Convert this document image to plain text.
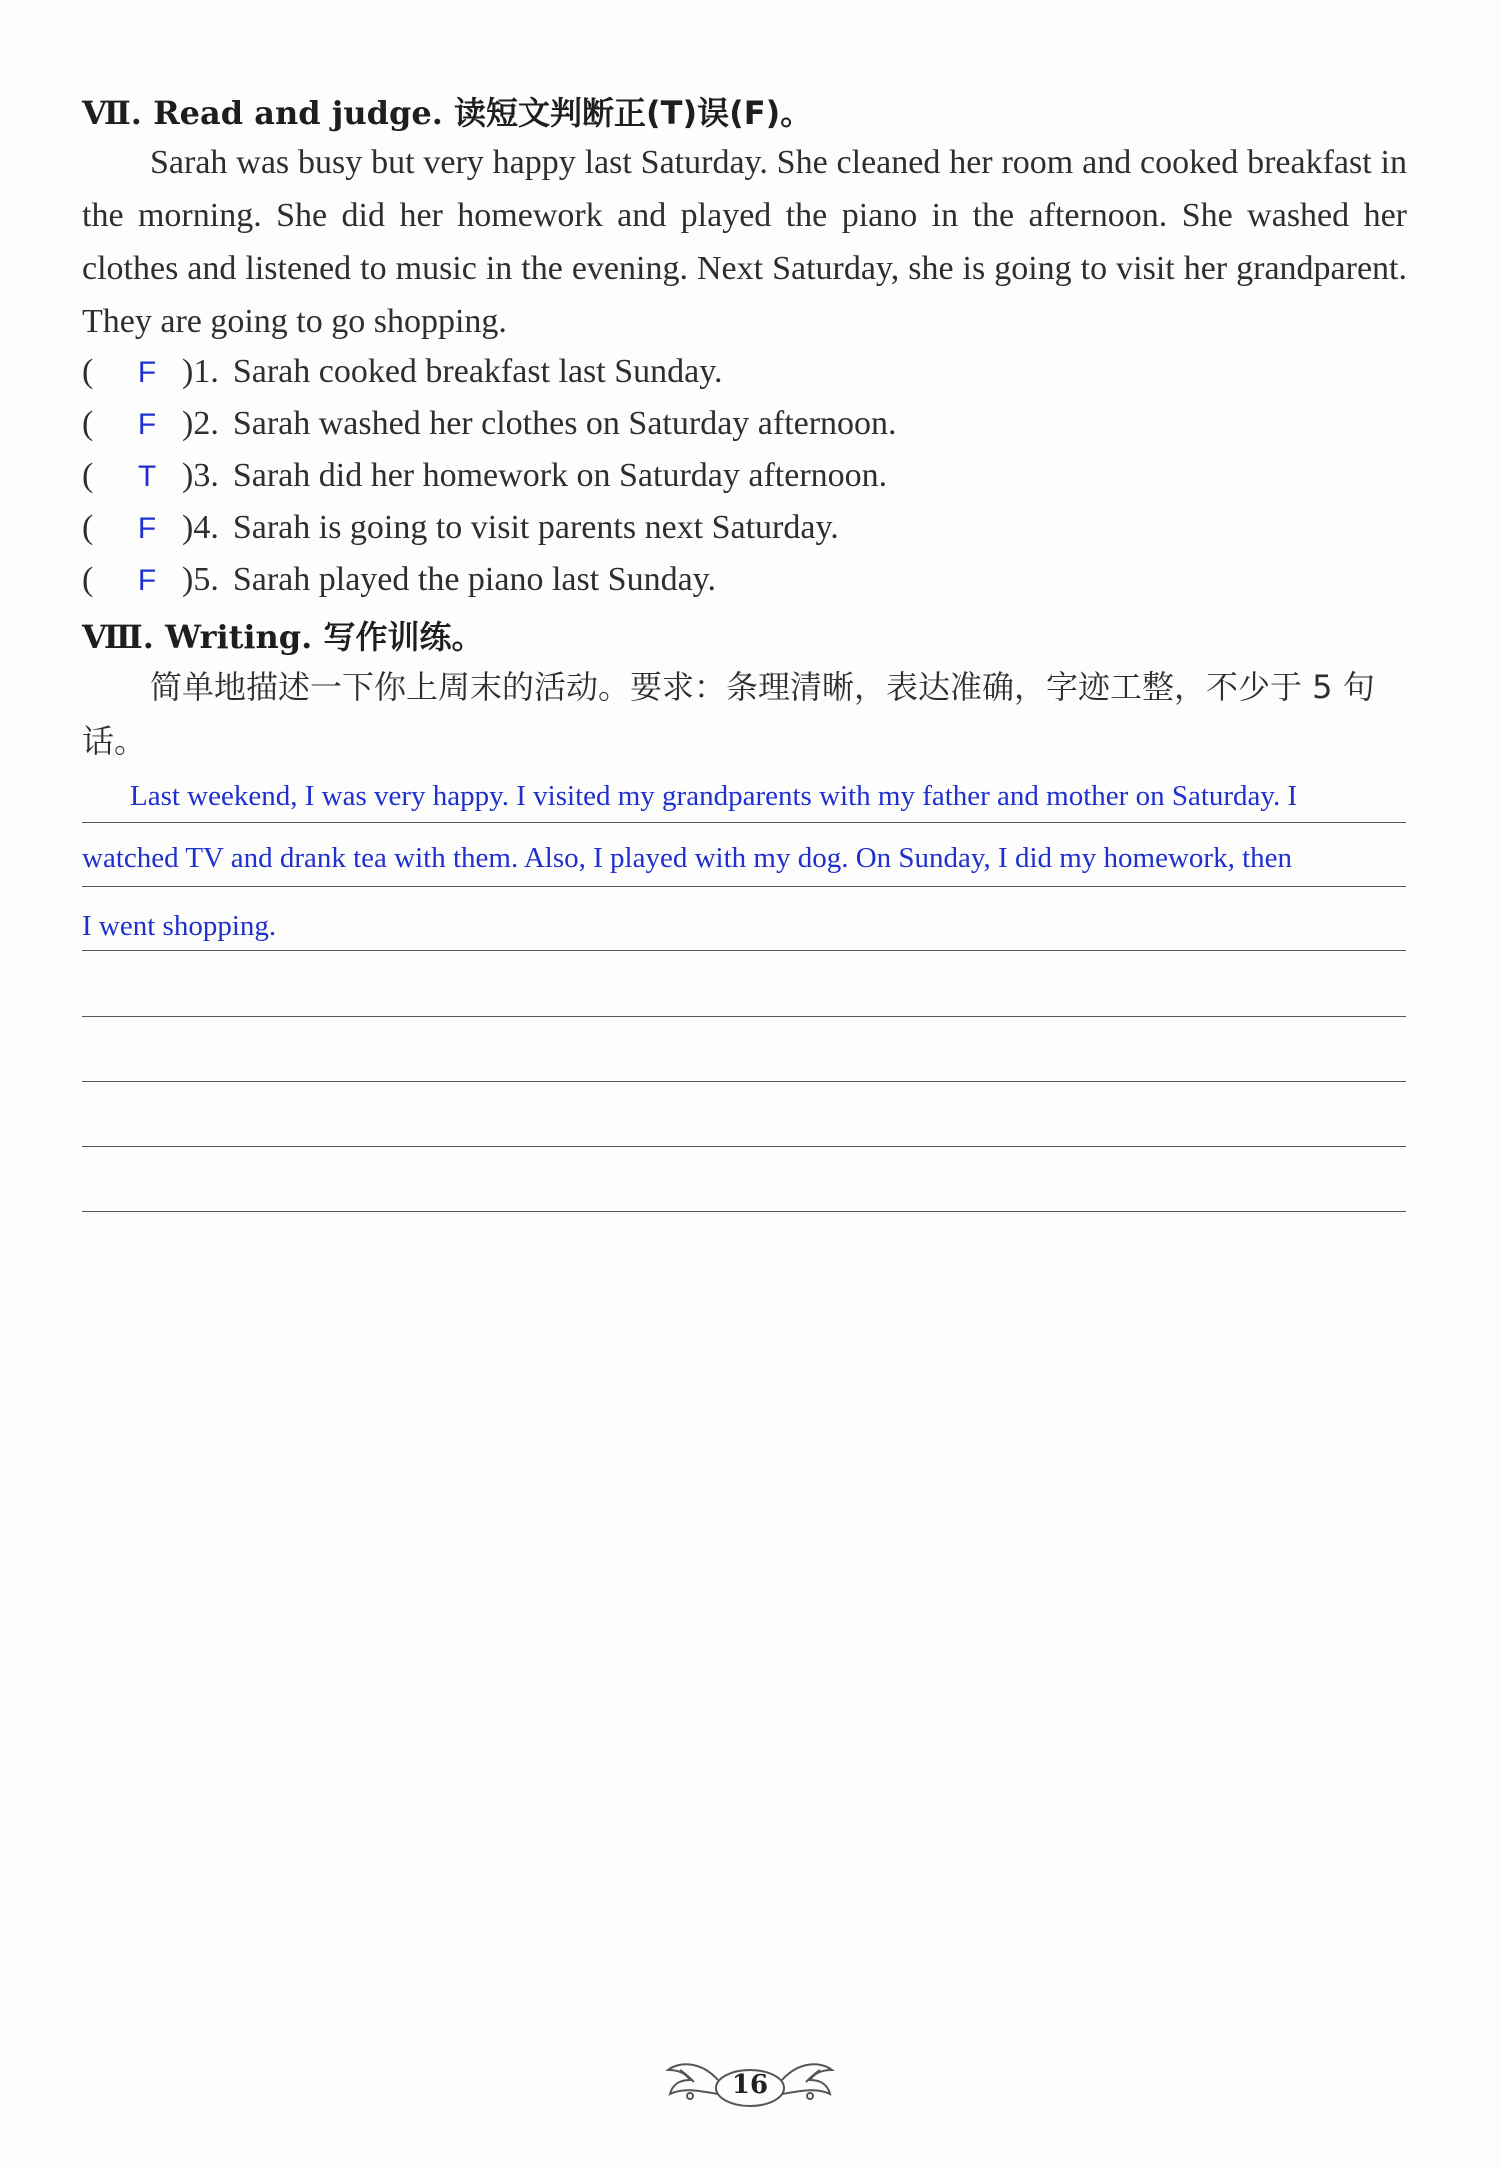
Ⅶ. Read and judge. 读短文判断正(T)误(F)。

Sarah was busy but very happy last Saturday. She cleaned her room and cooked breakfast in the morning. She did her homework and played the piano in the afternoon. She washed her clothes and listened to music in the evening. Next Saturday, she is going to visit her grandparent. They are going to go shopping.

( F )1. Sarah cooked breakfast last Sunday.
( F )2. Sarah washed her clothes on Saturday afternoon.
( T )3. Sarah did her homework on Saturday afternoon.
( F )4. Sarah is going to visit parents next Saturday.
( F )5. Sarah played the piano last Sunday.
Ⅷ. Writing. 写作训练。

简单地描述一下你上周末的活动。要求：条理清晰，表达准确，字迹工整，不少于 5 句话。

Last weekend, I was very happy. I visited my grandparents with my father and mother on Saturday. I
watched TV and drank tea with them. Also, I played with my dog. On Sunday, I did my homework, then
I went shopping.
16
